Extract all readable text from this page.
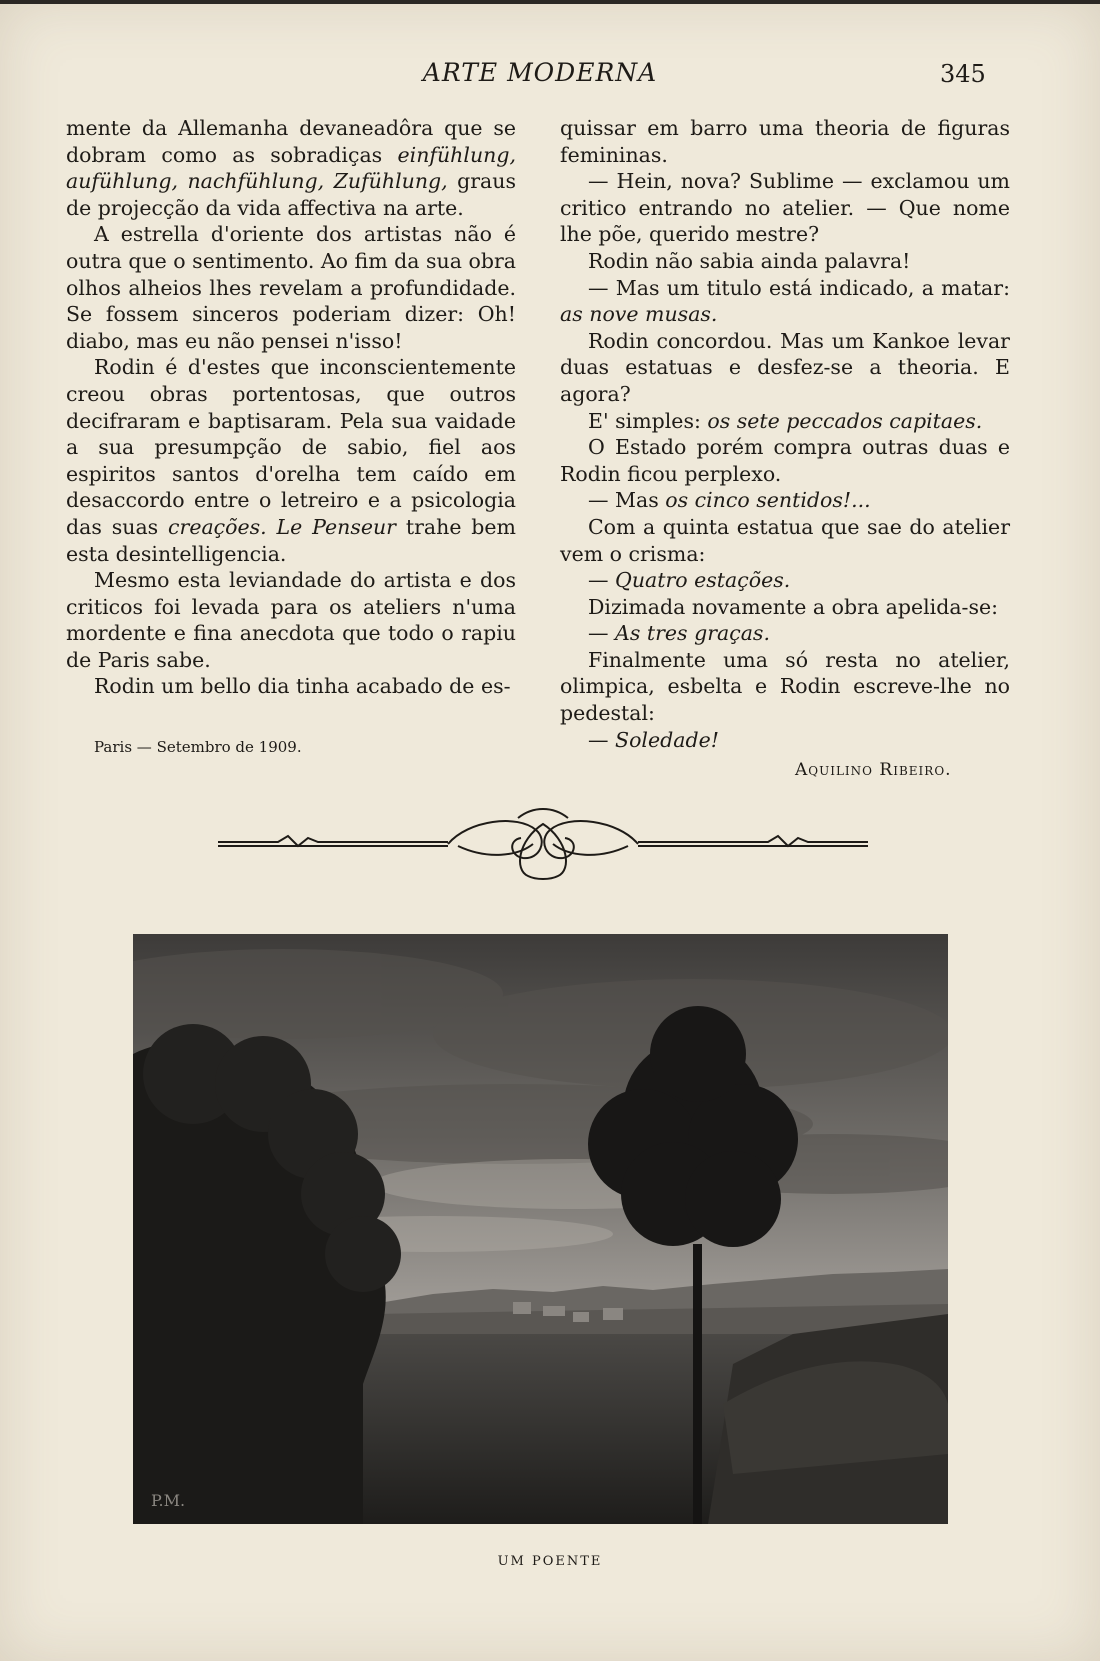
ARTE MODERNA	345

mente da Allemanha devaneadôra que se dobram como as sobradiças einfühlung, aufühlung, nachfühlung, Zufühlung, graus de projecção da vida affectiva na arte.

A estrella d'oriente dos artistas não é outra que o sentimento. Ao fim da sua obra olhos alheios lhes revelam a profundidade. Se fossem sinceros poderiam dizer: Oh! diabo, mas eu não pensei n'isso!

Rodin é d'estes que inconscientemente creou obras portentosas, que outros decifraram e baptisaram. Pela sua vaidade a sua presumpção de sabio, fiel aos espiritos santos d'orelha tem caído em desaccordo entre o letreiro e a psicologia das suas creações. Le Penseur trahe bem esta desintelligencia.

Mesmo esta leviandade do artista e dos criticos foi levada para os ateliers n'uma mordente e fina anecdota que todo o rapiu de Paris sabe.

Rodin um bello dia tinha acabado de es-

quissar em barro uma theoria de figuras femininas.

— Hein, nova? Sublime — exclamou um critico entrando no atelier. — Que nome lhe põe, querido mestre?

Rodin não sabia ainda palavra!

— Mas um titulo está indicado, a matar: as nove musas.

Rodin concordou. Mas um Kankoe levar duas estatuas e desfez-se a theoria. E agora?

E' simples: os sete peccados capitaes.

O Estado porém compra outras duas e Rodin ficou perplexo.

— Mas os cinco sentidos!...

Com a quinta estatua que sae do atelier vem o crisma:

— Quatro estações.

Dizimada novamente a obra apelida-se:

— As tres graças.

Finalmente uma só resta no atelier, olimpica, esbelta e Rodin escreve-lhe no pedestal:

— Soledade!

Paris — Setembro de 1909.
Aquilino Ribeiro.
P.M.
UM POENTE
